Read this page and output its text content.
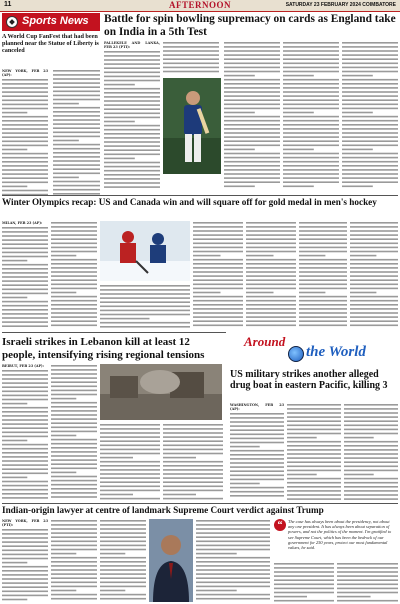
11	AFTERNOON	SATURDAY 23 FEBRUARY 2024 COIMBATORE
Sports News
A World Cup FanFest that had been planned near the Statue of Liberty is canceled

NEW YORK, FEB 23 (AP):

Battle for spin bowling supremacy on cards as England take on India in a 5th Test

PALLEKELE AND LANKA, FEB 23 (PTI):

Winter Olympics recap: US and Canada win and will square off for gold medal in men's hockey

MILAN, FEB 23 (AP):

Israeli strikes in Lebanon kill at least 12 people, intensifying rising regional tensions

BEIRUT, FEB 23 (AP):

Around
the World
US military strikes another alleged drug boat in eastern Pacific, killing 3

WASHINGTON, FEB 23 (AP):

Indian-origin lawyer at centre of landmark Supreme Court verdict against Trump

NEW YORK, FEB 23 (PTI):	“	The case has always been about the presidency, not about any one president. It has always been about separation of powers, and not the politics of the moment. I'm gratified to see Supreme Court, which has been the bedrock of our government for 250 years, protect our most fundamental values, he said.
